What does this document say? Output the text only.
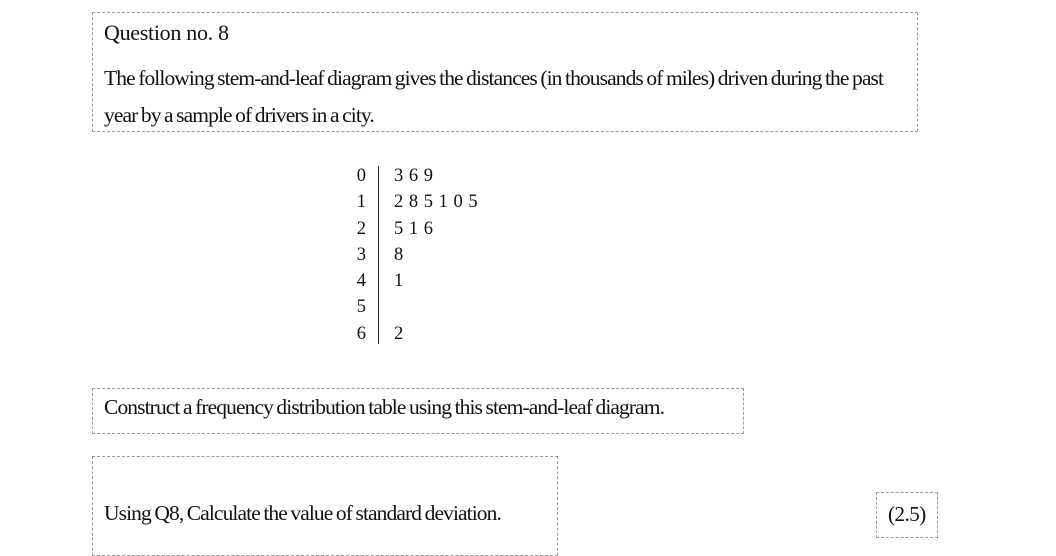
Question no. 8
The following stem-and-leaf diagram gives the distances (in thousands of miles) driven during the past year by a sample of drivers in a city.
0 3 6 9
1 2 8 5 1 0 5
2 5 1 6
3 8
4 1
5
6 2
Construct a frequency distribution table using this stem-and-leaf diagram.
Using Q8, Calculate the value of standard deviation.	(2.5)
